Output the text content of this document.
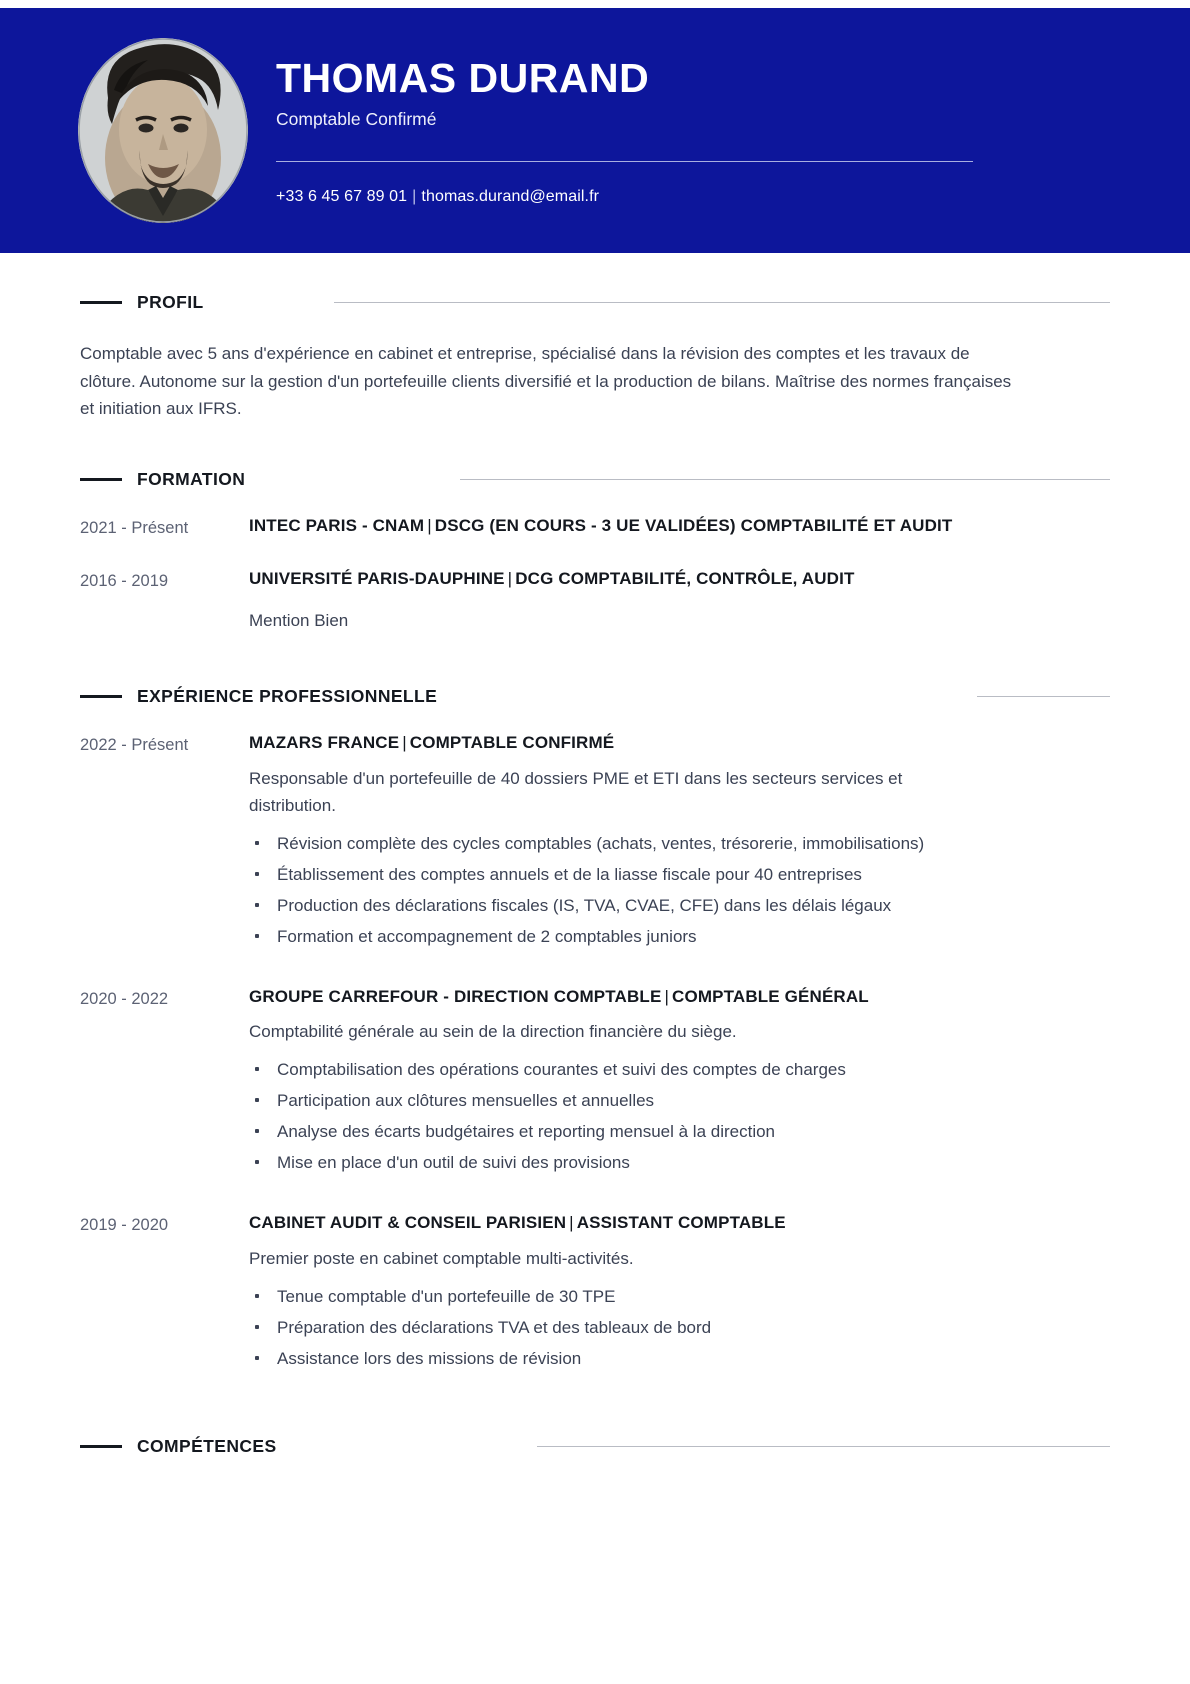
THOMAS DURAND

Comptable Confirmé

+33 6 45 67 89 01 | thomas.durand@email.fr
PROFIL

Comptable avec 5 ans d'expérience en cabinet et entreprise, spécialisé dans la révision des comptes et les travaux de clôture. Autonome sur la gestion d'un portefeuille clients diversifié et la production de bilans. Maîtrise des normes françaises et initiation aux IFRS.

FORMATION
2021 - Présent	INTEC PARIS - CNAM | DSCG (EN COURS - 3 UE VALIDÉES) COMPTABILITÉ ET AUDIT

2016 - 2019	UNIVERSITÉ PARIS-DAUPHINE | DCG COMPTABILITÉ, CONTRÔLE, AUDIT

Mention Bien

EXPÉRIENCE PROFESSIONNELLE
2022 - Présent	MAZARS FRANCE | COMPTABLE CONFIRMÉ

Responsable d'un portefeuille de 40 dossiers PME et ETI dans les secteurs services et distribution.

Révision complète des cycles comptables (achats, ventes, trésorerie, immobilisations)
Établissement des comptes annuels et de la liasse fiscale pour 40 entreprises
Production des déclarations fiscales (IS, TVA, CVAE, CFE) dans les délais légaux
Formation et accompagnement de 2 comptables juniors
2020 - 2022	GROUPE CARREFOUR - DIRECTION COMPTABLE | COMPTABLE GÉNÉRAL

Comptabilité générale au sein de la direction financière du siège.

Comptabilisation des opérations courantes et suivi des comptes de charges
Participation aux clôtures mensuelles et annuelles
Analyse des écarts budgétaires et reporting mensuel à la direction
Mise en place d'un outil de suivi des provisions
2019 - 2020	CABINET AUDIT & CONSEIL PARISIEN | ASSISTANT COMPTABLE

Premier poste en cabinet comptable multi-activités.

Tenue comptable d'un portefeuille de 30 TPE
Préparation des déclarations TVA et des tableaux de bord
Assistance lors des missions de révision
COMPÉTENCES
